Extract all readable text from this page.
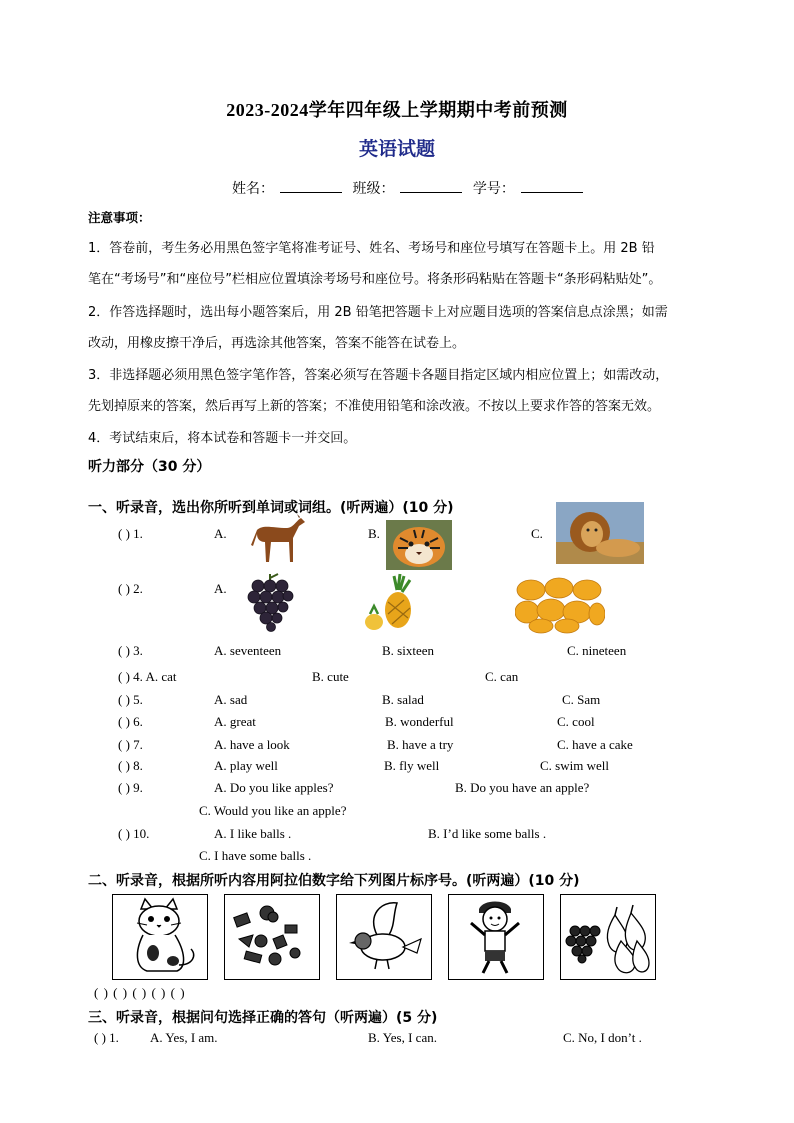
2023-2024学年四年级上学期期中考前预测
英语试题
姓名：	班级：	学号：
注意事项：
1．答卷前，考生务必用黑色签字笔将准考证号、姓名、考场号和座位号填写在答题卡上。用 2B 铅
笔在“考场号”和“座位号”栏相应位置填涂考场号和座位号。将条形码粘贴在答题卡“条形码粘贴处”。
2．作答选择题时，选出每小题答案后，用 2B 铅笔把答题卡上对应题目选项的答案信息点涂黑；如需
改动，用橡皮擦干净后，再选涂其他答案，答案不能答在试卷上。
3．非选择题必须用黑色签字笔作答，答案必须写在答题卡各题目指定区域内相应位置上；如需改动，
先划掉原来的答案，然后再写上新的答案；不准使用铅笔和涂改液。不按以上要求作答的答案无效。
4．考试结束后，将本试卷和答题卡一并交回。
听力部分（30 分）
一、听录音，选出你所听到单词或词组。(听两遍）(10 分)
( ) 1.	A.	B.	C.
( ) 2.	A.
( ) 3.	A. seventeen	B. sixteen	C. nineteen
( ) 4. A. cat	B. cute	C. can
( ) 5.	A. sad	B. salad	C. Sam
( ) 6.	A. great	B. wonderful	C. cool
( ) 7.	A. have a look	B. have a try	C. have a cake
( ) 8.	A. play well	B. fly well	C. swim well
( ) 9.	A. Do you like apples?	B. Do you have an apple?
C. Would you like an apple?
( ) 10.	A. I like balls .	B. I’d like some balls .
C. I have some balls .
二、听录音，根据所听内容用阿拉伯数字给下列图片标序号。(听两遍）(10 分)
( ) ( ) ( ) ( ) ( )
三、听录音，根据问句选择正确的答句（听两遍）(5 分)
( ) 1. A. Yes, I am.	B. Yes, I can.	C. No, I don’t .
